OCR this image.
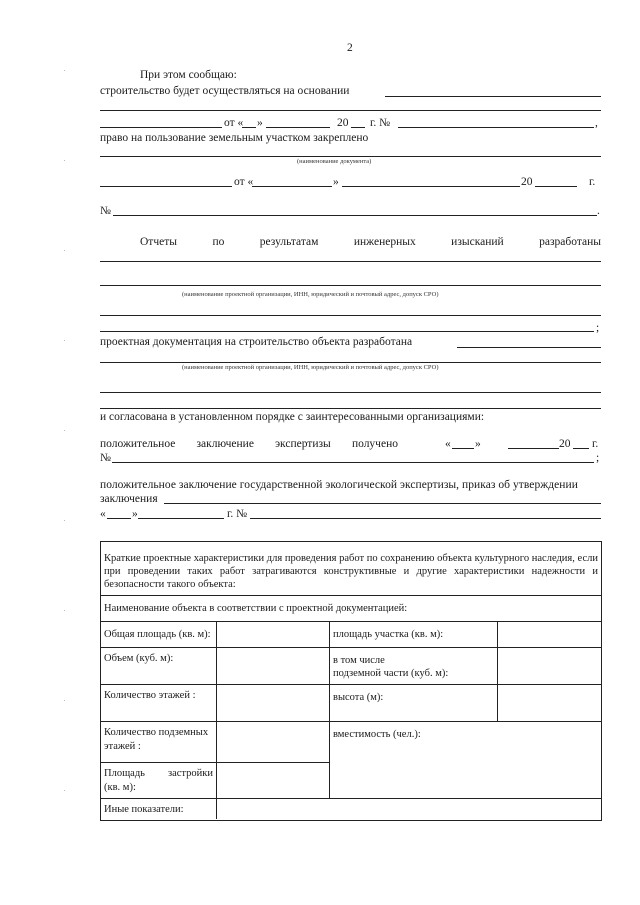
2
При этом сообщаю:
строительство будет осуществляться на основании
от « »	20 г. №	,
право на пользование земельным участком закреплено
(наименование документа)
от «	»	20	г.
№	.
Отчеты	по	результатам	инженерных	изысканий	разработаны
(наименование проектной организации, ИНН, юридический и почтовый адрес, допуск СРО)
;
проектная документация на строительство объекта разработана
(наименование проектной организации, ИНН, юридический и почтовый адрес, допуск СРО)
и согласована в установленном порядке с заинтересованными организациями:
положительное заключение экспертизы получено	« »	20 г.
№	;
положительное заключение государственной экологической экспертизы, приказ об утверждении
заключения
« »	г. №
Краткие проектные характеристики для проведения работ по сохранению объекта культурного наследия, если при проведении таких работ затрагиваются конструктивные и другие характеристики надежности и безопасности такого объекта:
Наименование объекта в соответствии с проектной документацией:
Общая площадь (кв. м):	площадь участка (кв. м):
Объем (куб. м):	в том числе
подземной части (куб. м):
Количество этажей :	высота (м):
Количество подземных
этажей :
вместимость (чел.):
Площадь застройки
(кв. м):
Иные показатели:
